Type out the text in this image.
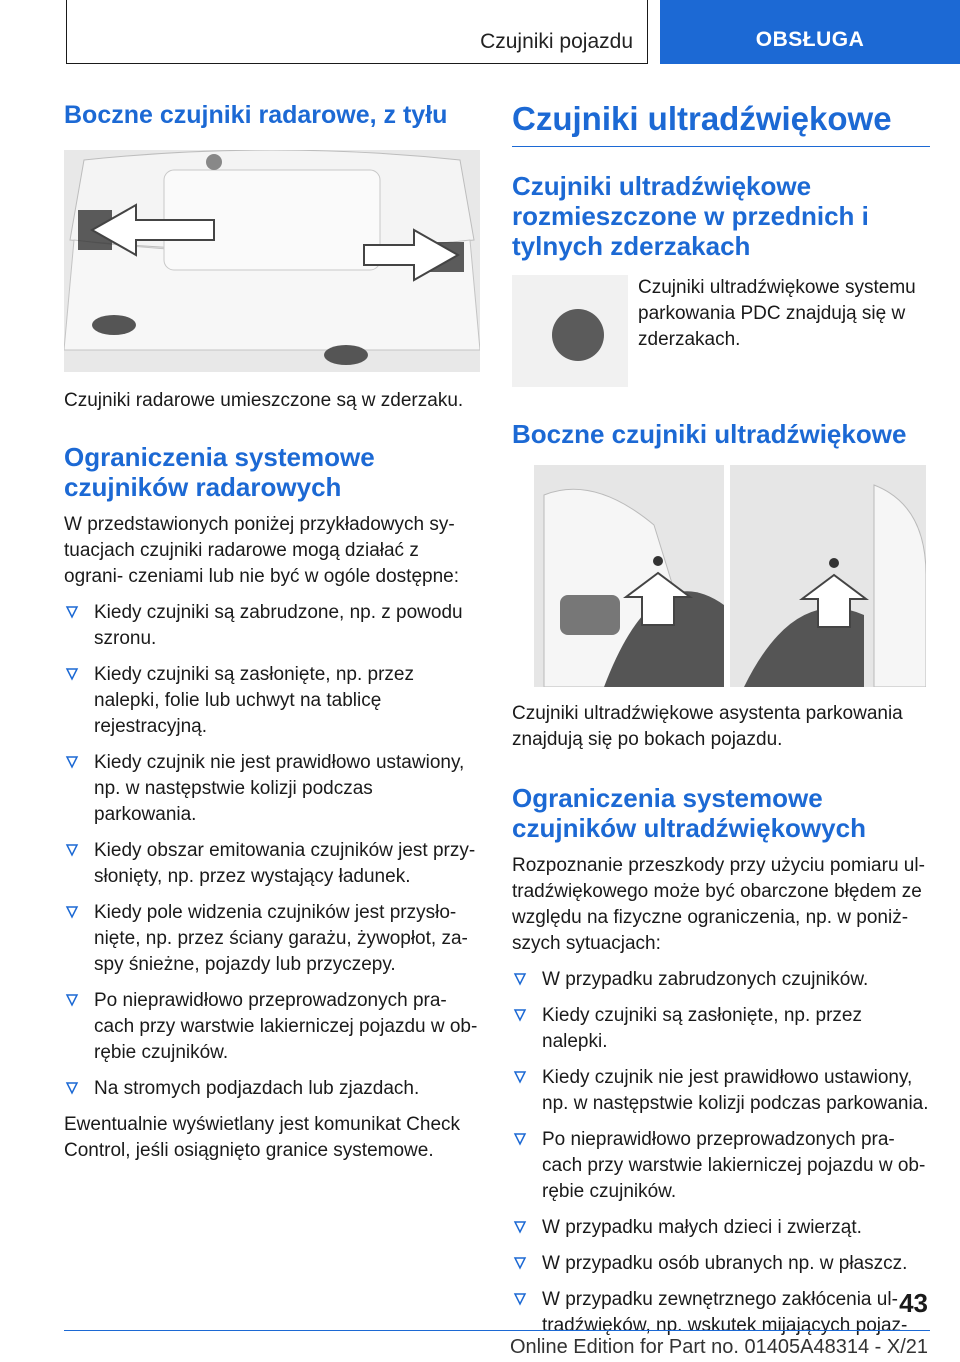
Czujniki pojazdu	OBSŁUGA
Boczne czujniki radarowe, z tyłu

Czujniki radarowe umieszczone są w zderzaku.

Ograniczenia systemowe czujników radarowych

W przedstawionych poniżej przykładowych sy- tuacjach czujniki radarowe mogą działać z ograni- czeniami lub nie być w ogóle dostępne:

Kiedy czujniki są zabrudzone, np. z powodu szronu.
Kiedy czujniki są zasłonięte, np. przez nalepki, folie lub uchwyt na tablicę rejestracyjną.
Kiedy czujnik nie jest prawidłowo ustawiony, np. w następstwie kolizji podczas parkowania.
Kiedy obszar emitowania czujników jest przy- słonięty, np. przez wystający ładunek.
Kiedy pole widzenia czujników jest przysło- nięte, np. przez ściany garażu, żywopłot, za- spy śnieżne, pojazdy lub przyczepy.
Po nieprawidłowo przeprowadzonych pra- cach przy warstwie lakierniczej pojazdu w ob- rębie czujników.
Na stromych podjazdach lub zjazdach.

Ewentualnie wyświetlany jest komunikat Check Control, jeśli osiągnięto granice systemowe.

Czujniki ultradźwiękowe
Czujniki ultradźwiękowe rozmieszczone w przednich i tylnych zderzakach

Czujniki ultradźwiękowe systemu parkowania PDC znajdują się w zderzakach.

Boczne czujniki ultradźwiękowe

Czujniki ultradźwiękowe asystenta parkowania znajdują się po bokach pojazdu.

Ograniczenia systemowe czujników ultradźwiękowych

Rozpoznanie przeszkody przy użyciu pomiaru ul- tradźwiękowego może być obarczone błędem ze względu na fizyczne ograniczenia, np. w poniż- szych sytuacjach:

W przypadku zabrudzonych czujników.
Kiedy czujniki są zasłonięte, np. przez nalepki.
Kiedy czujnik nie jest prawidłowo ustawiony, np. w następstwie kolizji podczas parkowania.
Po nieprawidłowo przeprowadzonych pra- cach przy warstwie lakierniczej pojazdu w ob- rębie czujników.
W przypadku małych dzieci i zwierząt.
W przypadku osób ubranych np. w płaszcz.
W przypadku zewnętrznego zakłócenia ul- tradźwięków, np. wskutek mijających pojaz-
43
Online Edition for Part no. 01405A48314 - X/21
